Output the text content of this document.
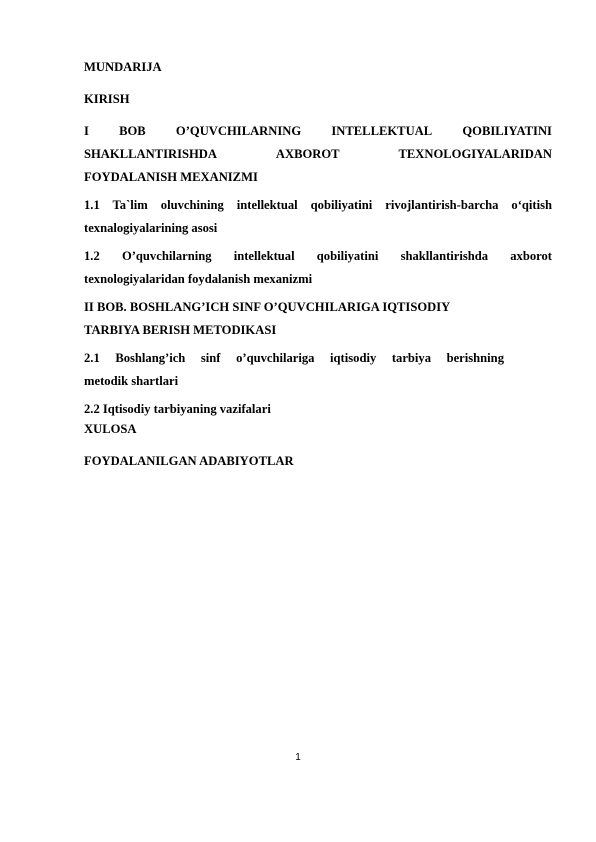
MUNDARIJA

KIRISH

I BOB O’QUVCHILARNING INTELLEKTUAL QOBILIYATINI
SHAKLLANTIRISHDA	AXBOROT	TEXNOLOGIYALARIDAN

FOYDALANISH MEXANIZMI

1.1 Ta`lim oluvchining intellektual qobiliyatini rivojlantirish-barcha o‘qitish

texnalogiyalarining asosi

1.2 O’quvchilarning intellektual qobiliyatini shakllantirishda axborot

texnologiyalaridan foydalanish mexanizmi

II BOB. BOSHLANG’ICH SINF O’QUVCHILARIGA IQTISODIY

TARBIYA BERISH METODIKASI

2.1 Boshlang’ich sinf o’quvchilariga iqtisodiy tarbiya berishning

metodik shartlari

2.2 Iqtisodiy tarbiyaning vazifalari

XULOSA

FOYDALANILGAN ADABIYOTLAR

1
